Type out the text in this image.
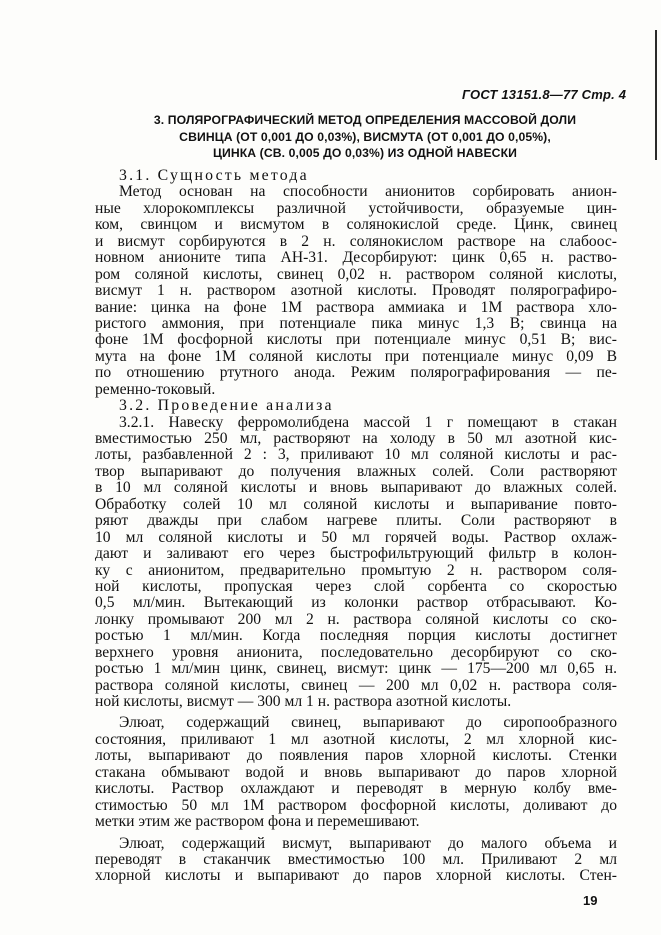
ГОСТ 13151.8—77 Стр. 4
3. ПОЛЯРОГРАФИЧЕСКИЙ МЕТОД ОПРЕДЕЛЕНИЯ МАССОВОЙ ДОЛИ
СВИНЦА (ОТ 0,001 ДО 0,03%), ВИСМУТА (ОТ 0,001 ДО 0,05%),
ЦИНКА (СВ. 0,005 ДО 0,03%) ИЗ ОДНОЙ НАВЕСКИ
3.1. Сущность метода
Метод основан на способности анионитов сорбировать анион-
ные хлорокомплексы различной устойчивости, образуемые цин-
ком, свинцом и висмутом в солянокислой среде. Цинк, свинец
и висмут сорбируются в 2 н. солянокислом растворе на слабоос-
новном анионите типа АН-31. Десорбируют: цинк 0,65 н. раство-
ром соляной кислоты, свинец 0,02 н. раствором соляной кислоты,
висмут 1 н. раствором азотной кислоты. Проводят полярографиро-
вание: цинка на фоне 1М раствора аммиака и 1М раствора хло-
ристого аммония, при потенциале пика минус 1,3 В; свинца на
фоне 1М фосфорной кислоты при потенциале минус 0,51 В; вис-
мута на фоне 1М соляной кислоты при потенциале минус 0,09 В
по отношению ртутного анода. Режим полярографирования — пе-
ременно-токовый.
3.2. Проведение анализа
3.2.1. Навеску ферромолибдена массой 1 г помещают в стакан
вместимостью 250 мл, растворяют на холоду в 50 мл азотной кис-
лоты, разбавленной 2 : 3, приливают 10 мл соляной кислоты и рас-
твор выпаривают до получения влажных солей. Соли растворяют
в 10 мл соляной кислоты и вновь выпаривают до влажных солей.
Обработку солей 10 мл соляной кислоты и выпаривание повто-
ряют дважды при слабом нагреве плиты. Соли растворяют в
10 мл соляной кислоты и 50 мл горячей воды. Раствор охлаж-
дают и заливают его через быстрофильтрующий фильтр в колон-
ку с анионитом, предварительно промытую 2 н. раствором соля-
ной кислоты, пропуская через слой сорбента со скоростью
0,5 мл/мин. Вытекающий из колонки раствор отбрасывают. Ко-
лонку промывают 200 мл 2 н. раствора соляной кислоты со ско-
ростью 1 мл/мин. Когда последняя порция кислоты достигнет
верхнего уровня анионита, последовательно десорбируют со ско-
ростью 1 мл/мин цинк, свинец, висмут: цинк — 175—200 мл 0,65 н.
раствора соляной кислоты, свинец — 200 мл 0,02 н. раствора соля-
ной кислоты, висмут — 300 мл 1 н. раствора азотной кислоты.
Элюат, содержащий свинец, выпаривают до сиропообразного
состояния, приливают 1 мл азотной кислоты, 2 мл хлорной кис-
лоты, выпаривают до появления паров хлорной кислоты. Стенки
стакана обмывают водой и вновь выпаривают до паров хлорной
кислоты. Раствор охлаждают и переводят в мерную колбу вме-
стимостью 50 мл 1М раствором фосфорной кислоты, доливают до
метки этим же раствором фона и перемешивают.
Элюат, содержащий висмут, выпаривают до малого объема и
переводят в стаканчик вместимостью 100 мл. Приливают 2 мл
хлорной кислоты и выпаривают до паров хлорной кислоты. Стен-
19
